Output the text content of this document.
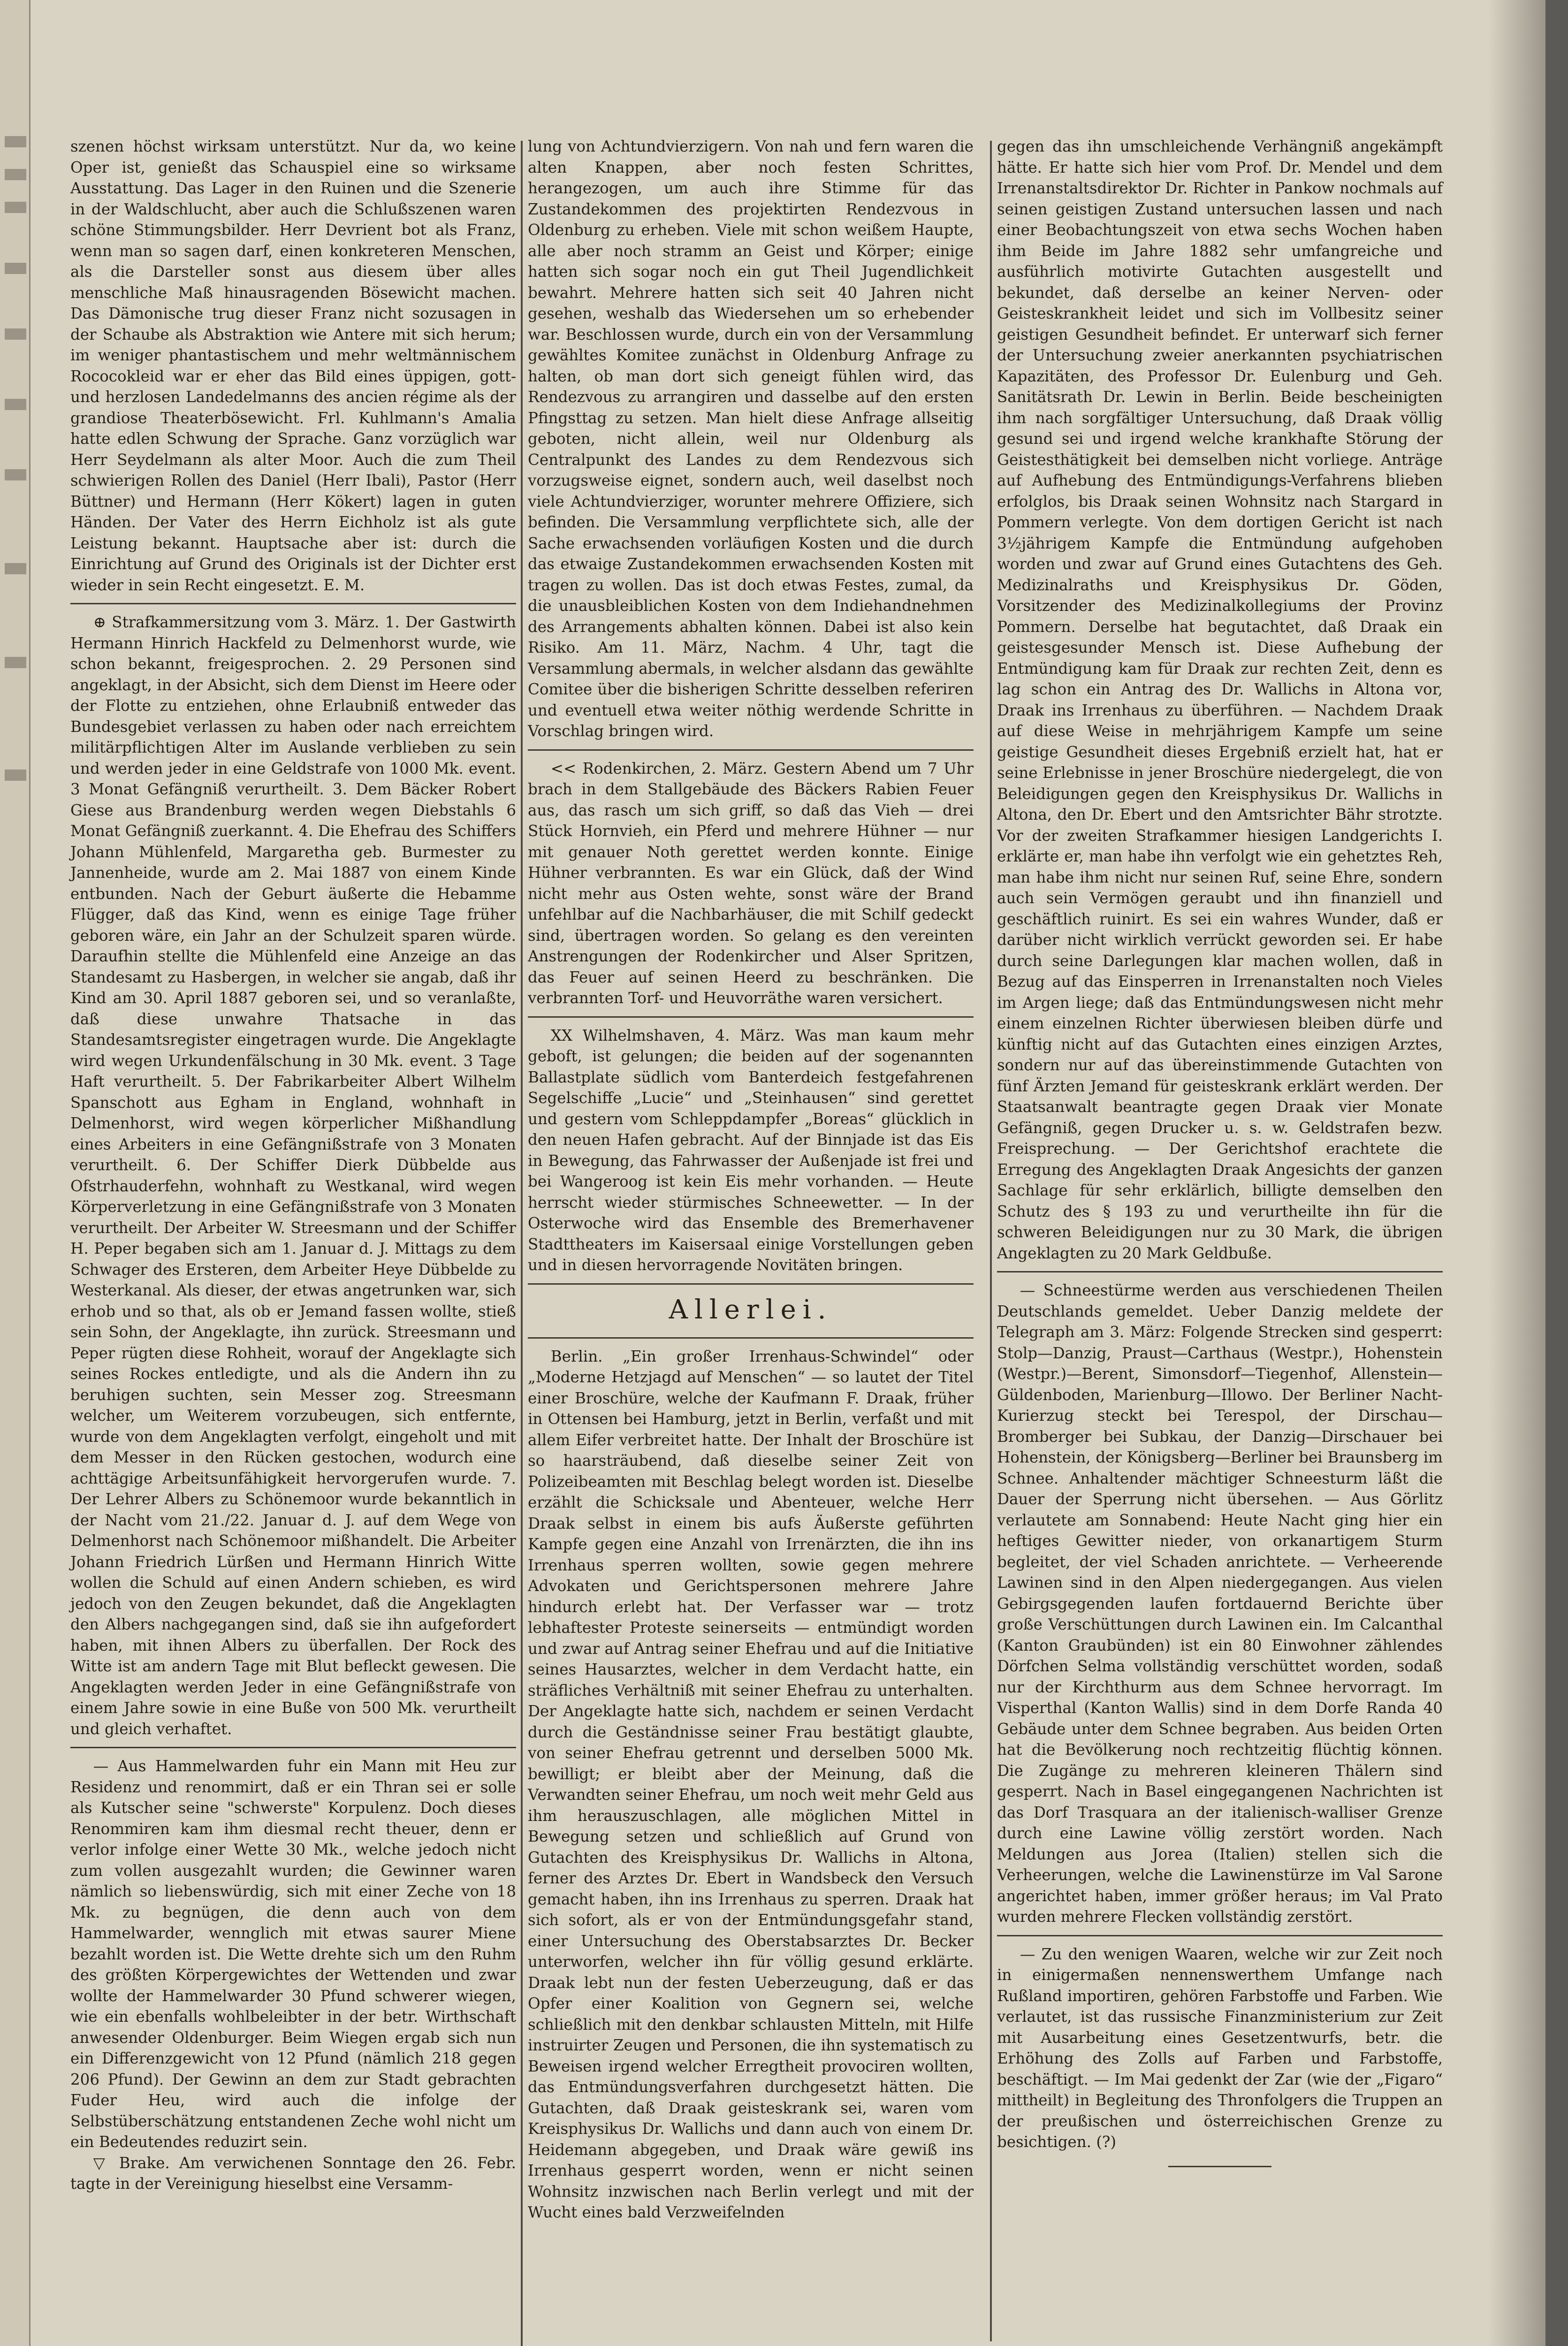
szenen höchst wirksam unterstützt. Nur da, wo keine Oper ist, genießt das Schauspiel eine so wirksame Ausstattung. Das Lager in den Ruinen und die Szenerie in der Waldschlucht, aber auch die Schlußszenen waren schöne Stimmungsbilder. Herr Devrient bot als Franz, wenn man so sagen darf, einen konkreteren Menschen, als die Darsteller sonst aus diesem über alles menschliche Maß hinausragenden Bösewicht machen. Das Dämonische trug dieser Franz nicht sozusagen in der Schaube als Abstraktion wie Antere mit sich herum; im weniger phantastischem und mehr weltmännischem Rococokleid war er eher das Bild eines üppigen, gott- und herzlosen Landedelmanns des ancien régime als der grandiose Theaterbösewicht. Frl. Kuhlmann's Amalia hatte edlen Schwung der Sprache. Ganz vorzüglich war Herr Seydelmann als alter Moor. Auch die zum Theil schwierigen Rollen des Daniel (Herr Ibali), Pastor (Herr Büttner) und Hermann (Herr Kökert) lagen in guten Händen. Der Vater des Herrn Eichholz ist als gute Leistung bekannt. Hauptsache aber ist: durch die Einrichtung auf Grund des Originals ist der Dichter erst wieder in sein Recht eingesetzt. E. M.

⊕ Strafkammersitzung vom 3. März. 1. Der Gastwirth Hermann Hinrich Hackfeld zu Delmenhorst wurde, wie schon bekannt, freigesprochen. 2. 29 Personen sind angeklagt, in der Absicht, sich dem Dienst im Heere oder der Flotte zu entziehen, ohne Erlaubniß entweder das Bundesgebiet verlassen zu haben oder nach erreichtem militärpflichtigen Alter im Auslande verblieben zu sein und werden jeder in eine Geldstrafe von 1000 Mk. event. 3 Monat Gefängniß verurtheilt. 3. Dem Bäcker Robert Giese aus Brandenburg werden wegen Diebstahls 6 Monat Gefängniß zuerkannt. 4. Die Ehefrau des Schiffers Johann Mühlenfeld, Margaretha geb. Burmester zu Jannenheide, wurde am 2. Mai 1887 von einem Kinde entbunden. Nach der Geburt äußerte die Hebamme Flügger, daß das Kind, wenn es einige Tage früher geboren wäre, ein Jahr an der Schulzeit sparen würde. Daraufhin stellte die Mühlenfeld eine Anzeige an das Standesamt zu Hasbergen, in welcher sie angab, daß ihr Kind am 30. April 1887 geboren sei, und so veranlaßte, daß diese unwahre Thatsache in das Standesamtsregister eingetragen wurde. Die Angeklagte wird wegen Urkundenfälschung in 30 Mk. event. 3 Tage Haft verurtheilt. 5. Der Fabrikarbeiter Albert Wilhelm Spanschott aus Egham in England, wohnhaft in Delmenhorst, wird wegen körperlicher Mißhandlung eines Arbeiters in eine Gefängnißstrafe von 3 Monaten verurtheilt. 6. Der Schiffer Dierk Dübbelde aus Ofstrhauderfehn, wohnhaft zu Westkanal, wird wegen Körperverletzung in eine Gefängnißstrafe von 3 Monaten verurtheilt. Der Arbeiter W. Streesmann und der Schiffer H. Peper begaben sich am 1. Januar d. J. Mittags zu dem Schwager des Ersteren, dem Arbeiter Heye Dübbelde zu Westerkanal. Als dieser, der etwas angetrunken war, sich erhob und so that, als ob er Jemand fassen wollte, stieß sein Sohn, der Angeklagte, ihn zurück. Streesmann und Peper rügten diese Rohheit, worauf der Angeklagte sich seines Rockes entledigte, und als die Andern ihn zu beruhigen suchten, sein Messer zog. Streesmann welcher, um Weiterem vorzubeugen, sich entfernte, wurde von dem Angeklagten verfolgt, eingeholt und mit dem Messer in den Rücken gestochen, wodurch eine achttägige Arbeitsunfähigkeit hervorgerufen wurde. 7. Der Lehrer Albers zu Schönemoor wurde bekanntlich in der Nacht vom 21./22. Januar d. J. auf dem Wege von Delmenhorst nach Schönemoor mißhandelt. Die Arbeiter Johann Friedrich Lürßen und Hermann Hinrich Witte wollen die Schuld auf einen Andern schieben, es wird jedoch von den Zeugen bekundet, daß die Angeklagten den Albers nachgegangen sind, daß sie ihn aufgefordert haben, mit ihnen Albers zu überfallen. Der Rock des Witte ist am andern Tage mit Blut befleckt gewesen. Die Angeklagten werden Jeder in eine Gefängnißstrafe von einem Jahre sowie in eine Buße von 500 Mk. verurtheilt und gleich verhaftet.

— Aus Hammelwarden fuhr ein Mann mit Heu zur Residenz und renommirt, daß er ein Thran sei er solle als Kutscher seine "schwerste" Korpulenz. Doch dieses Renommiren kam ihm diesmal recht theuer, denn er verlor infolge einer Wette 30 Mk., welche jedoch nicht zum vollen ausgezahlt wurden; die Gewinner waren nämlich so liebenswürdig, sich mit einer Zeche von 18 Mk. zu begnügen, die denn auch von dem Hammelwarder, wennglich mit etwas saurer Miene bezahlt worden ist. Die Wette drehte sich um den Ruhm des größten Körpergewichtes der Wettenden und zwar wollte der Hammelwarder 30 Pfund schwerer wiegen, wie ein ebenfalls wohlbeleibter in der betr. Wirthschaft anwesender Oldenburger. Beim Wiegen ergab sich nun ein Differenzgewicht von 12 Pfund (nämlich 218 gegen 206 Pfund). Der Gewinn an dem zur Stadt gebrachten Fuder Heu, wird auch die infolge der Selbstüberschätzung entstandenen Zeche wohl nicht um ein Bedeutendes reduzirt sein.

▽ Brake. Am verwichenen Sonntage den 26. Febr. tagte in der Vereinigung hieselbst eine Versamm-

lung von Achtundvierzigern. Von nah und fern waren die alten Knappen, aber noch festen Schrittes, herangezogen, um auch ihre Stimme für das Zustandekommen des projektirten Rendezvous in Oldenburg zu erheben. Viele mit schon weißem Haupte, alle aber noch stramm an Geist und Körper; einige hatten sich sogar noch ein gut Theil Jugendlichkeit bewahrt. Mehrere hatten sich seit 40 Jahren nicht gesehen, weshalb das Wiedersehen um so erhebender war. Beschlossen wurde, durch ein von der Versammlung gewähltes Komitee zunächst in Oldenburg Anfrage zu halten, ob man dort sich geneigt fühlen wird, das Rendezvous zu arrangiren und dasselbe auf den ersten Pfingsttag zu setzen. Man hielt diese Anfrage allseitig geboten, nicht allein, weil nur Oldenburg als Centralpunkt des Landes zu dem Rendezvous sich vorzugsweise eignet, sondern auch, weil daselbst noch viele Achtundvierziger, worunter mehrere Offiziere, sich befinden. Die Versammlung verpflichtete sich, alle der Sache erwachsenden vorläufigen Kosten und die durch das etwaige Zustandekommen erwachsenden Kosten mit tragen zu wollen. Das ist doch etwas Festes, zumal, da die unausbleiblichen Kosten von dem Indiehandnehmen des Arrangements abhalten können. Dabei ist also kein Risiko. Am 11. März, Nachm. 4 Uhr, tagt die Versammlung abermals, in welcher alsdann das gewählte Comitee über die bisherigen Schritte desselben referiren und eventuell etwa weiter nöthig werdende Schritte in Vorschlag bringen wird.

<< Rodenkirchen, 2. März. Gestern Abend um 7 Uhr brach in dem Stallgebäude des Bäckers Rabien Feuer aus, das rasch um sich griff, so daß das Vieh — drei Stück Hornvieh, ein Pferd und mehrere Hühner — nur mit genauer Noth gerettet werden konnte. Einige Hühner verbrannten. Es war ein Glück, daß der Wind nicht mehr aus Osten wehte, sonst wäre der Brand unfehlbar auf die Nachbarhäuser, die mit Schilf gedeckt sind, übertragen worden. So gelang es den vereinten Anstrengungen der Rodenkircher und Alser Spritzen, das Feuer auf seinen Heerd zu beschränken. Die verbrannten Torf- und Heuvorräthe waren versichert.

XX Wilhelmshaven, 4. März. Was man kaum mehr geboft, ist gelungen; die beiden auf der sogenannten Ballastplate südlich vom Banterdeich festgefahrenen Segelschiffe „Lucie“ und „Steinhausen“ sind gerettet und gestern vom Schleppdampfer „Boreas“ glücklich in den neuen Hafen gebracht. Auf der Binnjade ist das Eis in Bewegung, das Fahrwasser der Außenjade ist frei und bei Wangeroog ist kein Eis mehr vorhanden. — Heute herrscht wieder stürmisches Schneewetter. — In der Osterwoche wird das Ensemble des Bremerhavener Stadttheaters im Kaisersaal einige Vorstellungen geben und in diesen hervorragende Novitäten bringen.

Allerlei.

Berlin. „Ein großer Irrenhaus-Schwindel“ oder „Moderne Hetzjagd auf Menschen“ — so lautet der Titel einer Broschüre, welche der Kaufmann F. Draak, früher in Ottensen bei Hamburg, jetzt in Berlin, verfaßt und mit allem Eifer verbreitet hatte. Der Inhalt der Broschüre ist so haarsträubend, daß dieselbe seiner Zeit von Polizeibeamten mit Beschlag belegt worden ist. Dieselbe erzählt die Schicksale und Abenteuer, welche Herr Draak selbst in einem bis aufs Äußerste geführten Kampfe gegen eine Anzahl von Irrenärzten, die ihn ins Irrenhaus sperren wollten, sowie gegen mehrere Advokaten und Gerichtspersonen mehrere Jahre hindurch erlebt hat. Der Verfasser war — trotz lebhaftester Proteste seinerseits — entmündigt worden und zwar auf Antrag seiner Ehefrau und auf die Initiative seines Hausarztes, welcher in dem Verdacht hatte, ein sträfliches Verhältniß mit seiner Ehefrau zu unterhalten. Der Angeklagte hatte sich, nachdem er seinen Verdacht durch die Geständnisse seiner Frau bestätigt glaubte, von seiner Ehefrau getrennt und derselben 5000 Mk. bewilligt; er bleibt aber der Meinung, daß die Verwandten seiner Ehefrau, um noch weit mehr Geld aus ihm herauszuschlagen, alle möglichen Mittel in Bewegung setzen und schließlich auf Grund von Gutachten des Kreisphysikus Dr. Wallichs in Altona, ferner des Arztes Dr. Ebert in Wandsbeck den Versuch gemacht haben, ihn ins Irrenhaus zu sperren. Draak hat sich sofort, als er von der Entmündungsgefahr stand, einer Untersuchung des Oberstabsarztes Dr. Becker unterworfen, welcher ihn für völlig gesund erklärte. Draak lebt nun der festen Ueberzeugung, daß er das Opfer einer Koalition von Gegnern sei, welche schließlich mit den denkbar schlausten Mitteln, mit Hilfe instruirter Zeugen und Personen, die ihn systematisch zu Beweisen irgend welcher Erregtheit provociren wollten, das Entmündungsverfahren durchgesetzt hätten. Die Gutachten, daß Draak geisteskrank sei, waren vom Kreisphysikus Dr. Wallichs und dann auch von einem Dr. Heidemann abgegeben, und Draak wäre gewiß ins Irrenhaus gesperrt worden, wenn er nicht seinen Wohnsitz inzwischen nach Berlin verlegt und mit der Wucht eines bald Verzweifelnden

gegen das ihn umschleichende Verhängniß angekämpft hätte. Er hatte sich hier vom Prof. Dr. Mendel und dem Irrenanstaltsdirektor Dr. Richter in Pankow nochmals auf seinen geistigen Zustand untersuchen lassen und nach einer Beobachtungszeit von etwa sechs Wochen haben ihm Beide im Jahre 1882 sehr umfangreiche und ausführlich motivirte Gutachten ausgestellt und bekundet, daß derselbe an keiner Nerven- oder Geisteskrankheit leidet und sich im Vollbesitz seiner geistigen Gesundheit befindet. Er unterwarf sich ferner der Untersuchung zweier anerkannten psychiatrischen Kapazitäten, des Professor Dr. Eulenburg und Geh. Sanitätsrath Dr. Lewin in Berlin. Beide bescheinigten ihm nach sorgfältiger Untersuchung, daß Draak völlig gesund sei und irgend welche krankhafte Störung der Geistesthätigkeit bei demselben nicht vorliege. Anträge auf Aufhebung des Entmündigungs-Verfahrens blieben erfolglos, bis Draak seinen Wohnsitz nach Stargard in Pommern verlegte. Von dem dortigen Gericht ist nach 3½jährigem Kampfe die Entmündung aufgehoben worden und zwar auf Grund eines Gutachtens des Geh. Medizinalraths und Kreisphysikus Dr. Göden, Vorsitzender des Medizinalkollegiums der Provinz Pommern. Derselbe hat begutachtet, daß Draak ein geistesgesunder Mensch ist. Diese Aufhebung der Entmündigung kam für Draak zur rechten Zeit, denn es lag schon ein Antrag des Dr. Wallichs in Altona vor, Draak ins Irrenhaus zu überführen. — Nachdem Draak auf diese Weise in mehrjährigem Kampfe um seine geistige Gesundheit dieses Ergebniß erzielt hat, hat er seine Erlebnisse in jener Broschüre niedergelegt, die von Beleidigungen gegen den Kreisphysikus Dr. Wallichs in Altona, den Dr. Ebert und den Amtsrichter Bähr strotzte. Vor der zweiten Strafkammer hiesigen Landgerichts I. erklärte er, man habe ihn verfolgt wie ein gehetztes Reh, man habe ihm nicht nur seinen Ruf, seine Ehre, sondern auch sein Vermögen geraubt und ihn finanziell und geschäftlich ruinirt. Es sei ein wahres Wunder, daß er darüber nicht wirklich verrückt geworden sei. Er habe durch seine Darlegungen klar machen wollen, daß in Bezug auf das Einsperren in Irrenanstalten noch Vieles im Argen liege; daß das Entmündungswesen nicht mehr einem einzelnen Richter überwiesen bleiben dürfe und künftig nicht auf das Gutachten eines einzigen Arztes, sondern nur auf das übereinstimmende Gutachten von fünf Ärzten Jemand für geisteskrank erklärt werden. Der Staatsanwalt beantragte gegen Draak vier Monate Gefängniß, gegen Drucker u. s. w. Geldstrafen bezw. Freisprechung. — Der Gerichtshof erachtete die Erregung des Angeklagten Draak Angesichts der ganzen Sachlage für sehr erklärlich, billigte demselben den Schutz des § 193 zu und verurtheilte ihn für die schweren Beleidigungen nur zu 30 Mark, die übrigen Angeklagten zu 20 Mark Geldbuße.

— Schneestürme werden aus verschiedenen Theilen Deutschlands gemeldet. Ueber Danzig meldete der Telegraph am 3. März: Folgende Strecken sind gesperrt: Stolp—Danzig, Praust—Carthaus (Westpr.), Hohenstein (Westpr.)—Berent, Simonsdorf—Tiegenhof, Allenstein—Güldenboden, Marienburg—Illowo. Der Berliner Nacht-Kurierzug steckt bei Terespol, der Dirschau—Bromberger bei Subkau, der Danzig—Dirschauer bei Hohenstein, der Königsberg—Berliner bei Braunsberg im Schnee. Anhaltender mächtiger Schneesturm läßt die Dauer der Sperrung nicht übersehen. — Aus Görlitz verlautete am Sonnabend: Heute Nacht ging hier ein heftiges Gewitter nieder, von orkanartigem Sturm begleitet, der viel Schaden anrichtete. — Verheerende Lawinen sind in den Alpen niedergegangen. Aus vielen Gebirgsgegenden laufen fortdauernd Berichte über große Verschüttungen durch Lawinen ein. Im Calcanthal (Kanton Graubünden) ist ein 80 Einwohner zählendes Dörfchen Selma vollständig verschüttet worden, sodaß nur der Kirchthurm aus dem Schnee hervorragt. Im Visperthal (Kanton Wallis) sind in dem Dorfe Randa 40 Gebäude unter dem Schnee begraben. Aus beiden Orten hat die Bevölkerung noch rechtzeitig flüchtig können. Die Zugänge zu mehreren kleineren Thälern sind gesperrt. Nach in Basel eingegangenen Nachrichten ist das Dorf Trasquara an der italienisch-walliser Grenze durch eine Lawine völlig zerstört worden. Nach Meldungen aus Jorea (Italien) stellen sich die Verheerungen, welche die Lawinenstürze im Val Sarone angerichtet haben, immer größer heraus; im Val Prato wurden mehrere Flecken vollständig zerstört.

— Zu den wenigen Waaren, welche wir zur Zeit noch in einigermaßen nennenswerthem Umfange nach Rußland importiren, gehören Farbstoffe und Farben. Wie verlautet, ist das russische Finanzministerium zur Zeit mit Ausarbeitung eines Gesetzentwurfs, betr. die Erhöhung des Zolls auf Farben und Farbstoffe, beschäftigt. — Im Mai gedenkt der Zar (wie der „Figaro“ mittheilt) in Begleitung des Thronfolgers die Truppen an der preußischen und österreichischen Grenze zu besichtigen. (?)
